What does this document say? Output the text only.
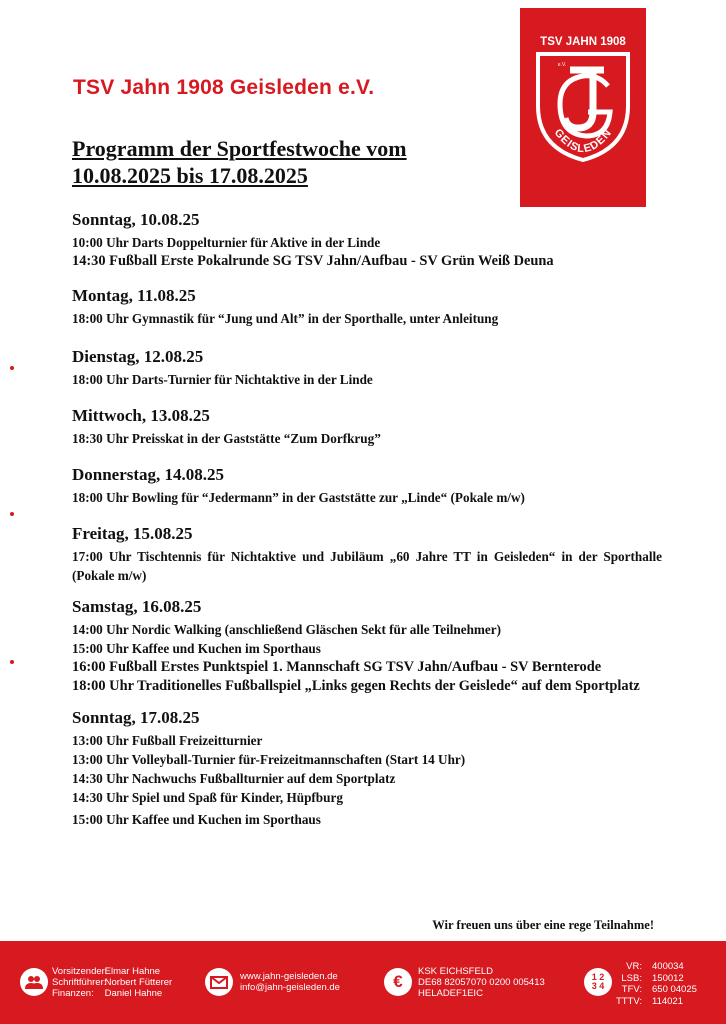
TSV Jahn 1908 Geisleden e.V.
TSV JAHN 1908
e.V.
GEISLEDEN
Programm der Sportfestwoche vom
10.08.2025 bis 17.08.2025
Sonntag, 10.08.25
10:00 Uhr Darts Doppelturnier für Aktive in der Linde
14:30 Fußball Erste Pokalrunde SG TSV Jahn/Aufbau - SV Grün Weiß Deuna
Montag, 11.08.25
18:00 Uhr Gymnastik für “Jung und Alt” in der Sporthalle, unter Anleitung
Dienstag, 12.08.25
18:00 Uhr Darts-Turnier für Nichtaktive in der Linde
Mittwoch, 13.08.25
18:30 Uhr Preisskat in der Gaststätte “Zum Dorfkrug”
Donnerstag, 14.08.25
18:00 Uhr Bowling für “Jedermann” in der Gaststätte zur „Linde“ (Pokale m/w)
Freitag, 15.08.25
17:00 Uhr Tischtennis für Nichtaktive und Jubiläum „60 Jahre TT in Geisleden“ in der Sporthalle (Pokale m/w)
Samstag, 16.08.25
14:00 Uhr Nordic Walking (anschließend Gläschen Sekt für alle Teilnehmer)
15:00 Uhr Kaffee und Kuchen im Sporthaus
16:00 Fußball Erstes Punktspiel 1. Mannschaft SG TSV Jahn/Aufbau - SV Bernterode
18:00 Uhr Traditionelles Fußballspiel „Links gegen Rechts der Geislede“ auf dem Sportplatz
Sonntag, 17.08.25
13:00 Uhr Fußball Freizeitturnier
13:00 Uhr Volleyball-Turnier für-Freizeitmannschaften (Start 14 Uhr)
14:30 Uhr Nachwuchs Fußballturnier auf dem Sportplatz
14:30 Uhr Spiel und Spaß für Kinder, Hüpfburg
15:00 Uhr Kaffee und Kuchen im Sporthaus
Wir freuen uns über eine rege Teilnahme!
Vorsitzender: Elmar Hahne
Schriftführer: Norbert Fütterer
Finanzen: Daniel Hahne
www.jahn-geisleden.de
info@jahn-geisleden.de	€
KSK EICHSFELD
DE68 82057070 0200 005413
HELADEF1EIC
1 2
3 4
VR: 400034
LSB: 150012
TFV: 650 04025
TTTV: 114021
